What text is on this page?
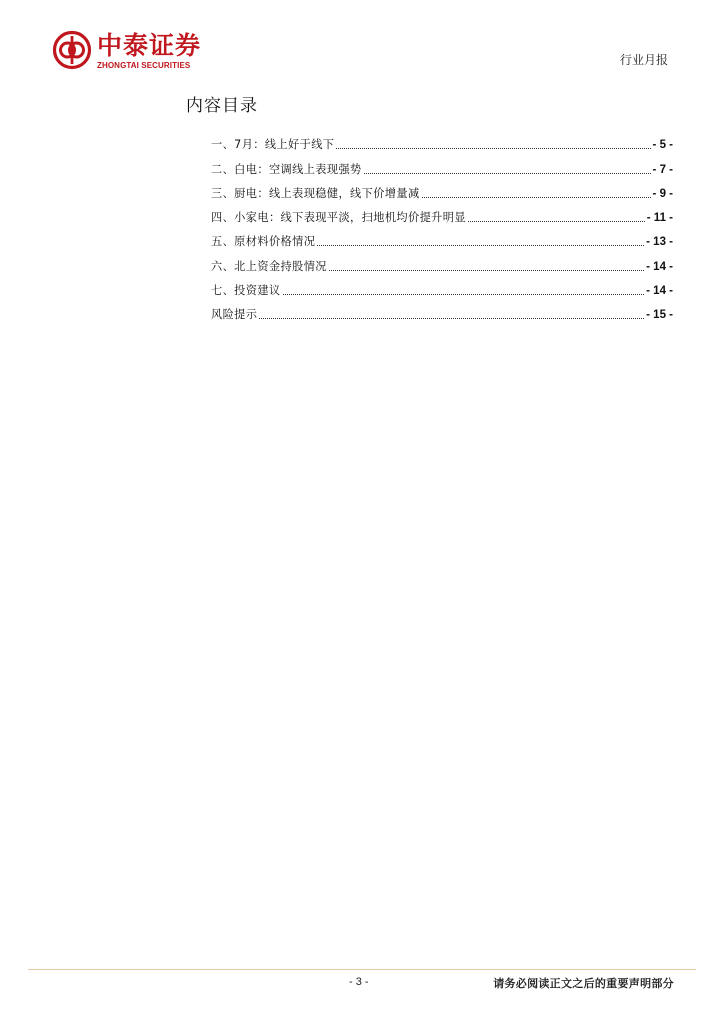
中泰证券
ZHONGTAI SECURITIES	行业月报
内容目录
一、7月：线上好于线下	- 5 -
二、白电：空调线上表现强势	- 7 -
三、厨电：线上表现稳健，线下价增量减	- 9 -
四、小家电：线下表现平淡，扫地机均价提升明显	- 11 -
五、原材料价格情况	- 13 -
六、北上资金持股情况	- 14 -
七、投资建议	- 14 -
风险提示	- 15 -
- 3 -	请务必阅读正文之后的重要声明部分
